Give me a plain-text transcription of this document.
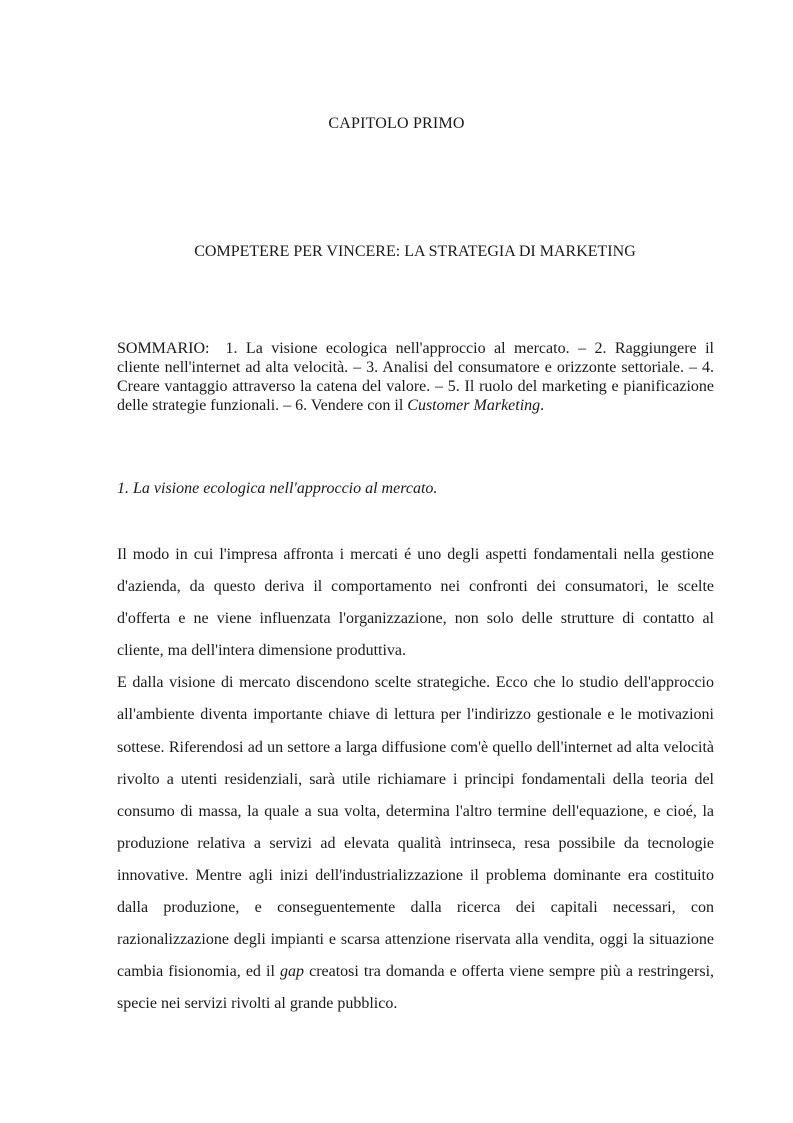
CAPITOLO PRIMO
COMPETERE PER VINCERE: LA STRATEGIA DI MARKETING
SOMMARIO: 1. La visione ecologica nell'approccio al mercato. – 2. Raggiungere il cliente nell'internet ad alta velocità. – 3. Analisi del consumatore e orizzonte settoriale. – 4. Creare vantaggio attraverso la catena del valore. – 5. Il ruolo del marketing e pianificazione delle strategie funzionali. – 6. Vendere con il Customer Marketing.
1. La visione ecologica nell'approccio al mercato.

Il modo in cui l'impresa affronta i mercati é uno degli aspetti fondamentali nella gestione d'azienda, da questo deriva il comportamento nei confronti dei consumatori, le scelte d'offerta e ne viene influenzata l'organizzazione, non solo delle strutture di contatto al cliente, ma dell'intera dimensione produttiva.

E dalla visione di mercato discendono scelte strategiche. Ecco che lo studio dell'approccio all'ambiente diventa importante chiave di lettura per l'indirizzo gestionale e le motivazioni sottese. Riferendosi ad un settore a larga diffusione com'è quello dell'internet ad alta velocità rivolto a utenti residenziali, sarà utile richiamare i principi fondamentali della teoria del consumo di massa, la quale a sua volta, determina l'altro termine dell'equazione, e cioé, la produzione relativa a servizi ad elevata qualità intrinseca, resa possibile da tecnologie innovative. Mentre agli inizi dell'industrializzazione il problema dominante era costituito dalla produzione, e conseguentemente dalla ricerca dei capitali necessari, con razionalizzazione degli impianti e scarsa attenzione riservata alla vendita, oggi la situazione cambia fisionomia, ed il gap creatosi tra domanda e offerta viene sempre più a restringersi, specie nei servizi rivolti al grande pubblico.
